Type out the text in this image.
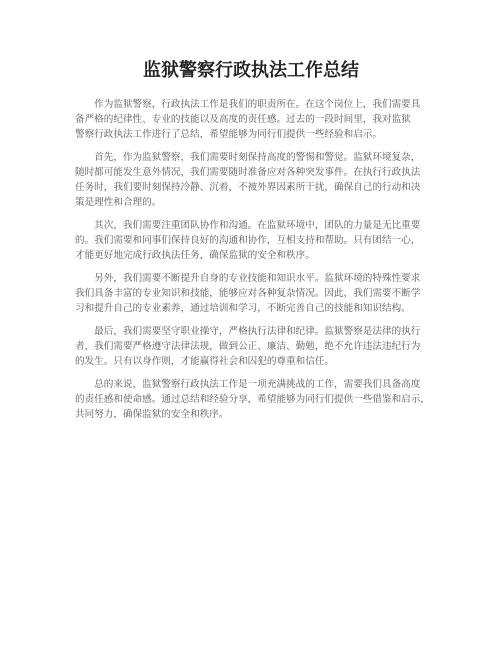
监狱警察行政执法工作总结
　　作为监狱警察，行政执法工作是我们的职责所在。在这个岗位上，我们需要具
备严格的纪律性、专业的技能以及高度的责任感。过去的一段时间里，我对监狱
警察行政执法工作进行了总结，希望能够为同行们提供一些经验和启示。
　　首先，作为监狱警察，我们需要时刻保持高度的警惕和警觉。监狱环境复杂，
随时都可能发生意外情况，我们需要随时准备应对各种突发事件。在执行行政执法
任务时，我们要时刻保持冷静、沉着，不被外界因素所干扰，确保自己的行动和决
策是理性和合理的。
　　其次，我们需要注重团队协作和沟通。在监狱环境中，团队的力量是无比重要
的。我们需要和同事们保持良好的沟通和协作，互相支持和帮助。只有团结一心，
才能更好地完成行政执法任务，确保监狱的安全和秩序。
　　另外，我们需要不断提升自身的专业技能和知识水平。监狱环境的特殊性要求
我们具备丰富的专业知识和技能，能够应对各种复杂情况。因此，我们需要不断学
习和提升自己的专业素养，通过培训和学习，不断完善自己的技能和知识结构。
　　最后，我们需要坚守职业操守，严格执行法律和纪律。监狱警察是法律的执行
者，我们需要严格遵守法律法规，做到公正、廉洁、勤勉，绝不允许违法违纪行为
的发生。只有以身作则，才能赢得社会和囚犯的尊重和信任。
　　总的来说，监狱警察行政执法工作是一项充满挑战的工作，需要我们具备高度
的责任感和使命感。通过总结和经验分享，希望能够为同行们提供一些借鉴和启示，
共同努力，确保监狱的安全和秩序。
